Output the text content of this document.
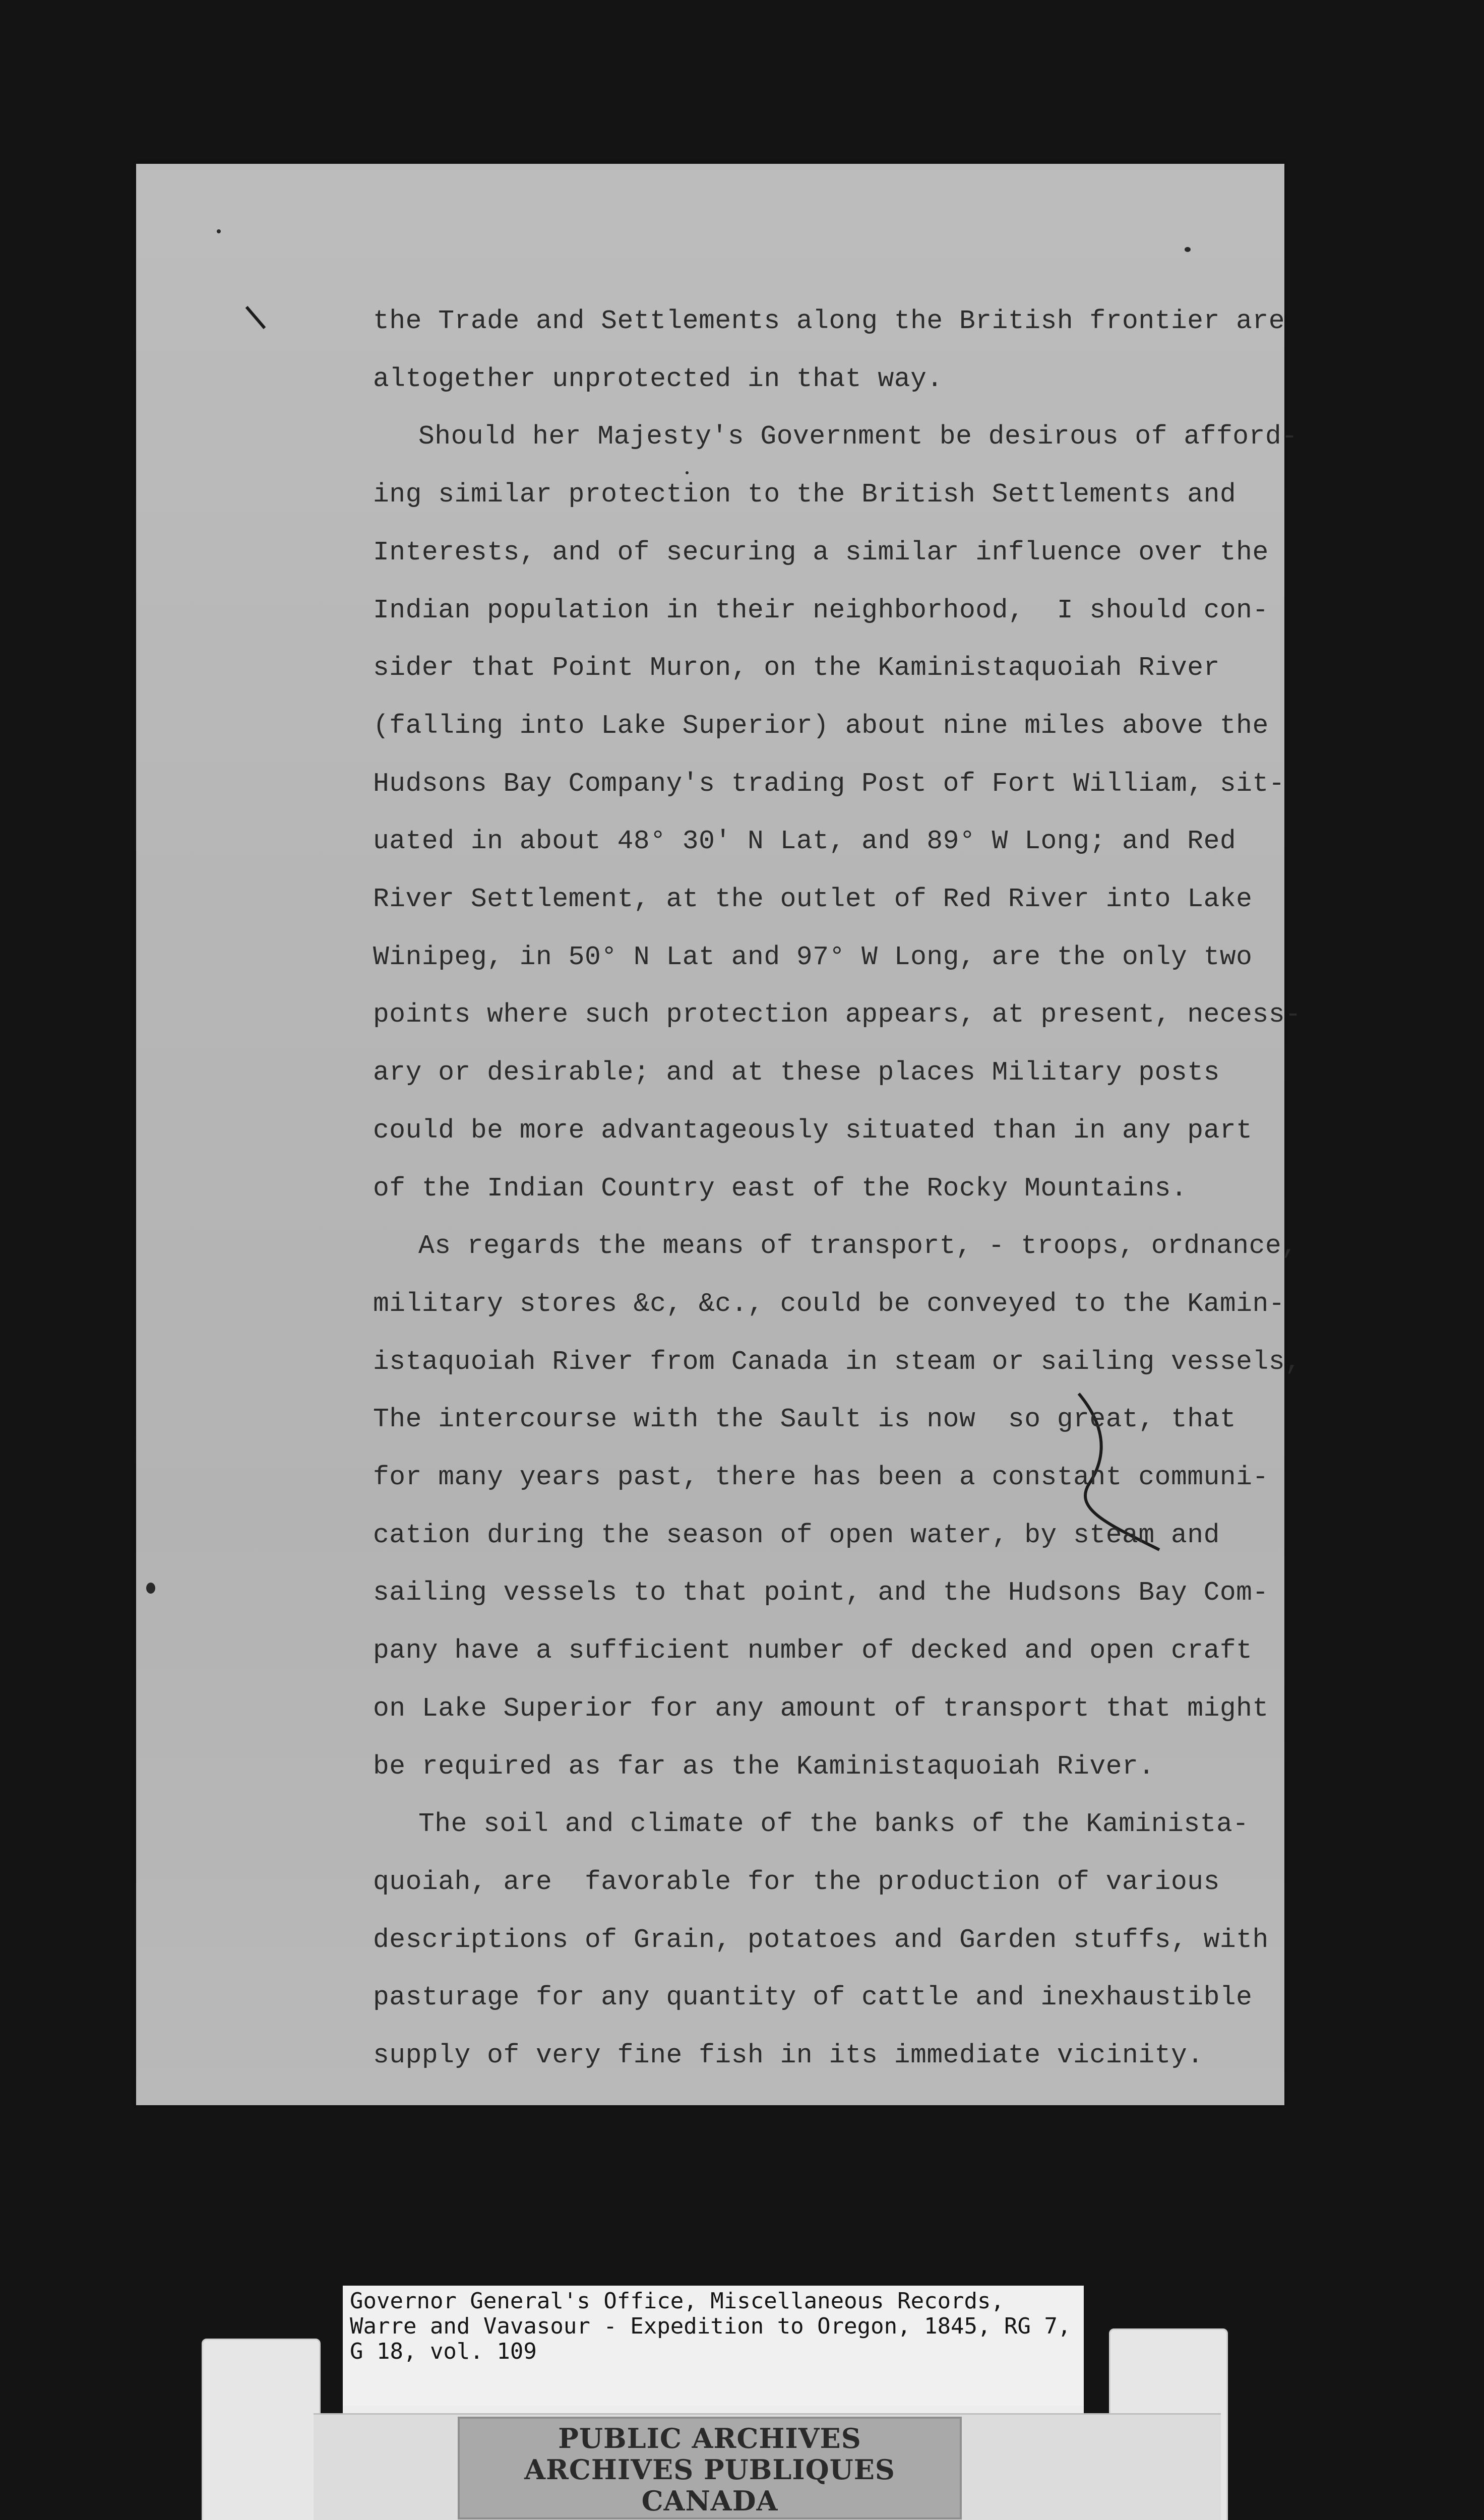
the Trade and Settlements along the British frontier are
altogether unprotected in that way.
Should her Majesty's Government be desirous of afford-
ing similar protection to the British Settlements and
Interests, and of securing a similar influence over the
Indian population in their neighborhood,  I should con-
sider that Point Muron, on the Kaministaquoiah River
(falling into Lake Superior) about nine miles above the
Hudsons Bay Company's trading Post of Fort William, sit-
uated in about 48° 30' N Lat, and 89° W Long; and Red
River Settlement, at the outlet of Red River into Lake
Winipeg, in 50° N Lat and 97° W Long, are the only two
points where such protection appears, at present, necess-
ary or desirable; and at these places Military posts
could be more advantageously situated than in any part
of the Indian Country east of the Rocky Mountains.
As regards the means of transport, - troops, ordnance,
military stores &c, &c., could be conveyed to the Kamin-
istaquoiah River from Canada in steam or sailing vessels,
The intercourse with the Sault is now  so great, that
for many years past, there has been a constant communi-
cation during the season of open water, by steam and
sailing vessels to that point, and the Hudsons Bay Com-
pany have a sufficient number of decked and open craft
on Lake Superior for any amount of transport that might
be required as far as the Kaministaquoiah River.
The soil and climate of the banks of the Kaminista-
quoiah, are  favorable for the production of various
descriptions of Grain, potatoes and Garden stuffs, with
pasturage for any quantity of cattle and inexhaustible
supply of very fine fish in its immediate vicinity.

Governor General's Office, Miscellaneous Records, Warre and Vavasour - Expedition to Oregon, 1845, RG 7, G 18, vol. 109

PUBLIC ARCHIVES
ARCHIVES PUBLIQUES
CANADA
